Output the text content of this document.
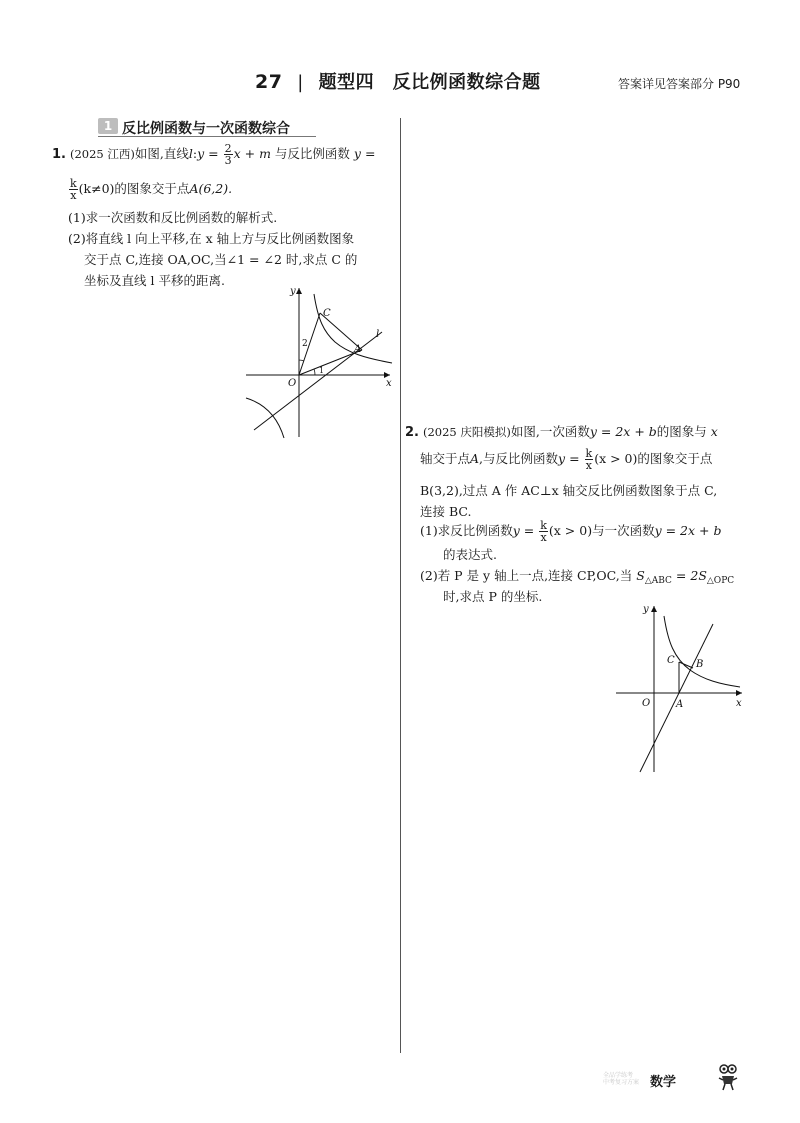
27 | 题型四　反比例函数综合题	答案详见答案部分 P90
1 反比例函数与一次函数综合
1. (2025 江西)如图,直线l:y = $\frac{2}{3}$ x + m 与反比例函数 y =
$\frac{k}{x} (k\ne 0)$的图象交于点A(6,2).
(1)求一次函数和反比例函数的解析式.
(2)将直线 l 向上平移,在 x 轴上方与反比例函数图象
交于点 C,连接 OA,OC,当∠1 = ∠2 时,求点 C 的
坐标及直线 l 平移的距离.
y
x
O
C
A
l
2
1
2. (2025 庆阳模拟)如图,一次函数y = 2x + b的图象与 x
轴交于点A,与反比例函数$y = \frac{k}{x} (x > 0)$的图象交于点
B(3,2),过点 A 作 AC⊥x 轴交反比例函数图象于点 C,
连接 BC.
(1)求反比例函数$y = \frac{k}{x} (x > 0)$与一次函数y = 2x + b
的表达式.
(2)若 P 是 y 轴上一点,连接 CP,OC,当 $S_{\triangle ABC} = 2S_{\triangle OPC}$
时,求点 P 的坐标.
y
x
O	A
B
C
全品学练考
中考复习方案 数学
